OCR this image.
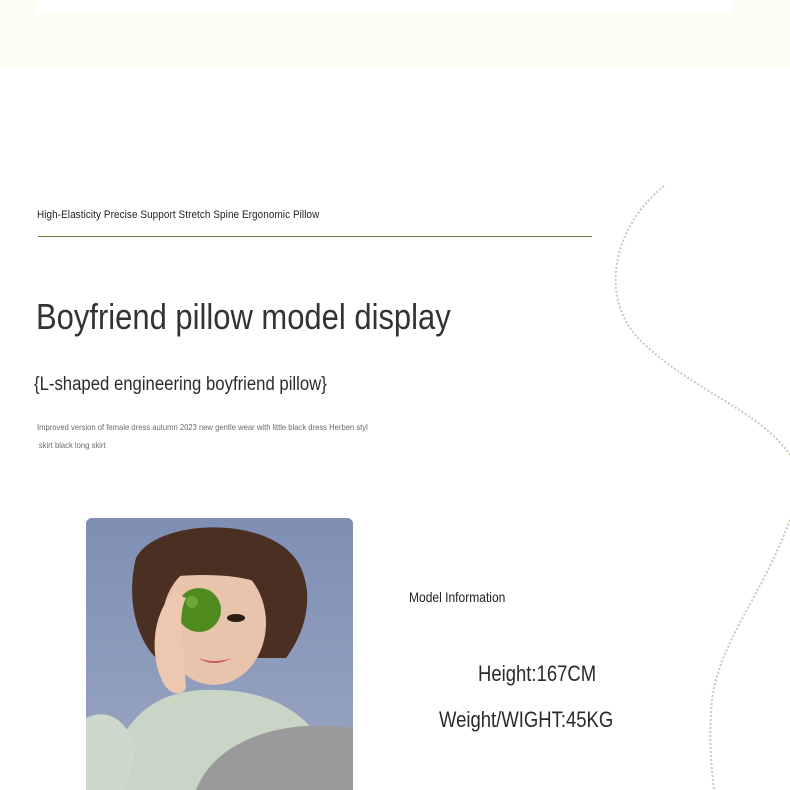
High-Elasticity Precise Support Stretch Spine Ergonomic Pillow
Boyfriend pillow model display
{L-shaped engineering boyfriend pillow}
Improved version of female dress autumn 2023 new gentle wear with little black dress Herben styl
skirt black long skirt
Model Information
Height:167CM
Weight/WIGHT:45KG
